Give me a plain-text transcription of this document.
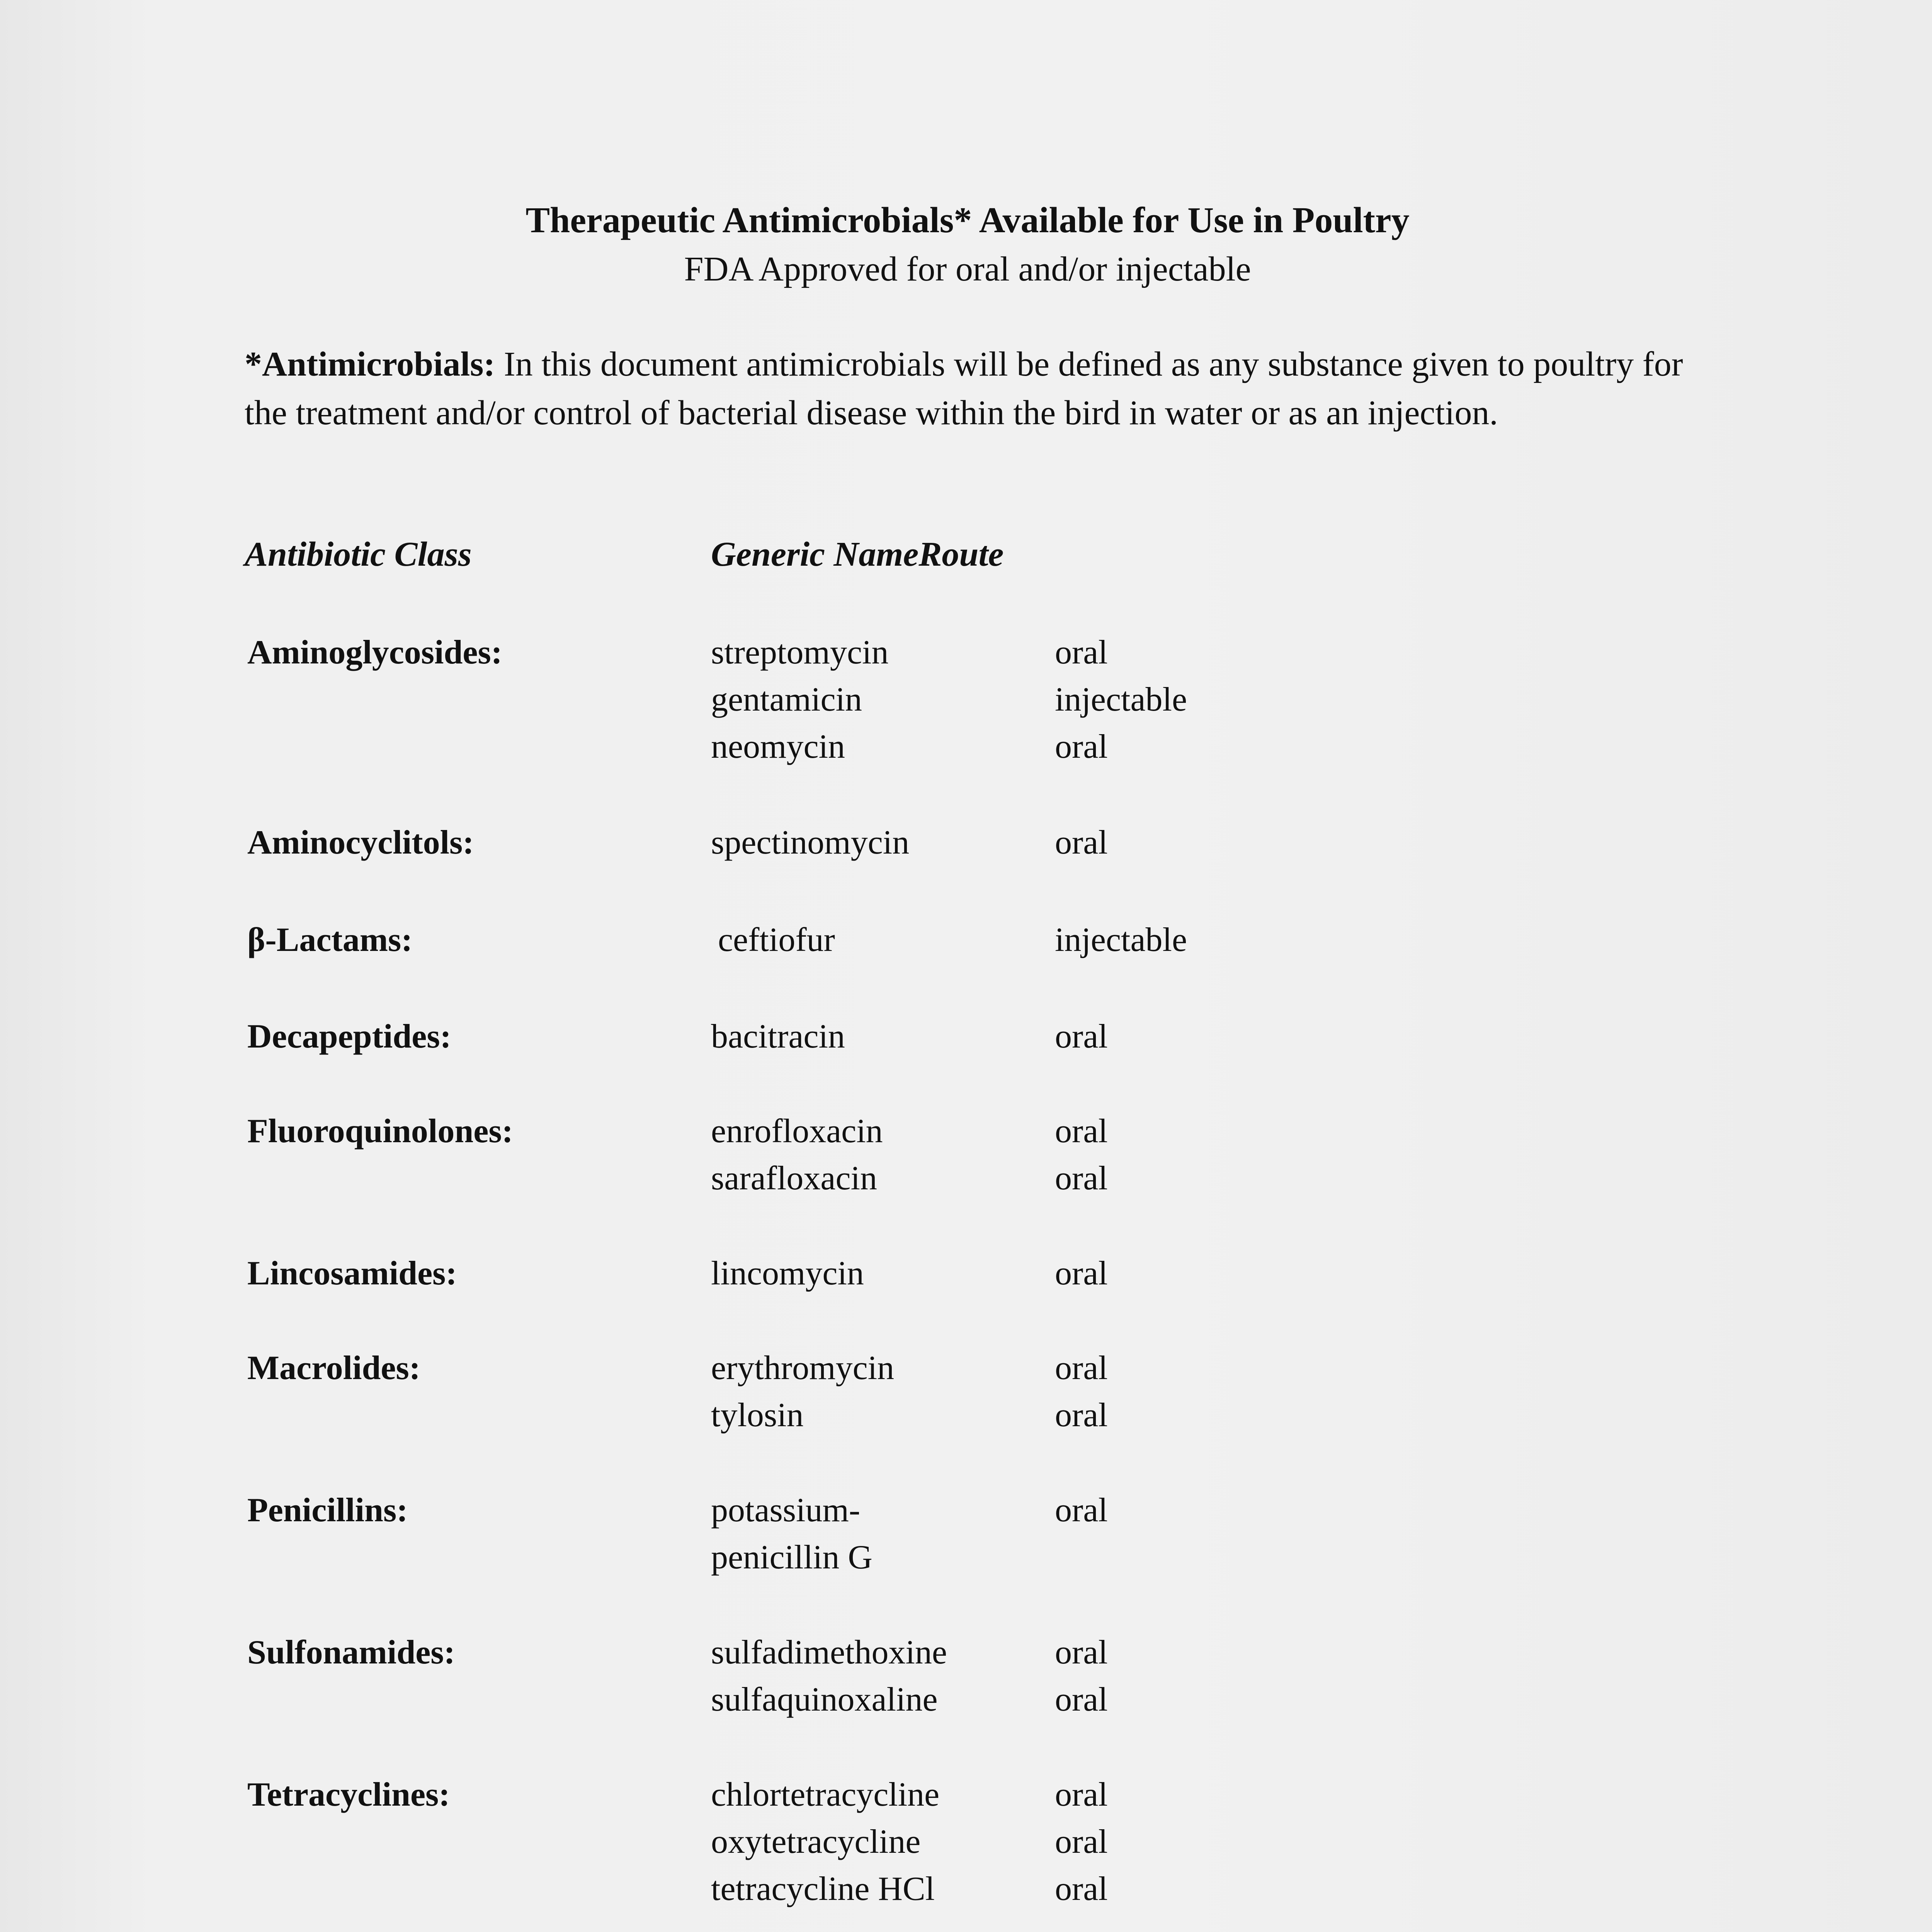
Therapeutic Antimicrobials* Available for Use in Poultry
FDA Approved for oral and/or injectable
*Antimicrobials: In this document antimicrobials will be defined as any substance given to poultry for the treatment and/or control of bacterial disease within the bird in water or as an injection.
Antibiotic Class	Generic NameRoute
Aminoglycosides:	streptomycin	oral
gentamicin	injectable
neomycin	oral
Aminocyclitols:	spectinomycin	oral
β-Lactams:	ceftiofur	injectable
Decapeptides:	bacitracin	oral
Fluoroquinolones:	enrofloxacin	oral
sarafloxacin	oral
Lincosamides:	lincomycin	oral
Macrolides:	erythromycin	oral
tylosin	oral
Penicillins:	potassium-	oral
penicillin G
Sulfonamides:	sulfadimethoxine	oral
sulfaquinoxaline	oral
Tetracyclines:	chlortetracycline	oral
oxytetracycline	oral
tetracycline HCl	oral
